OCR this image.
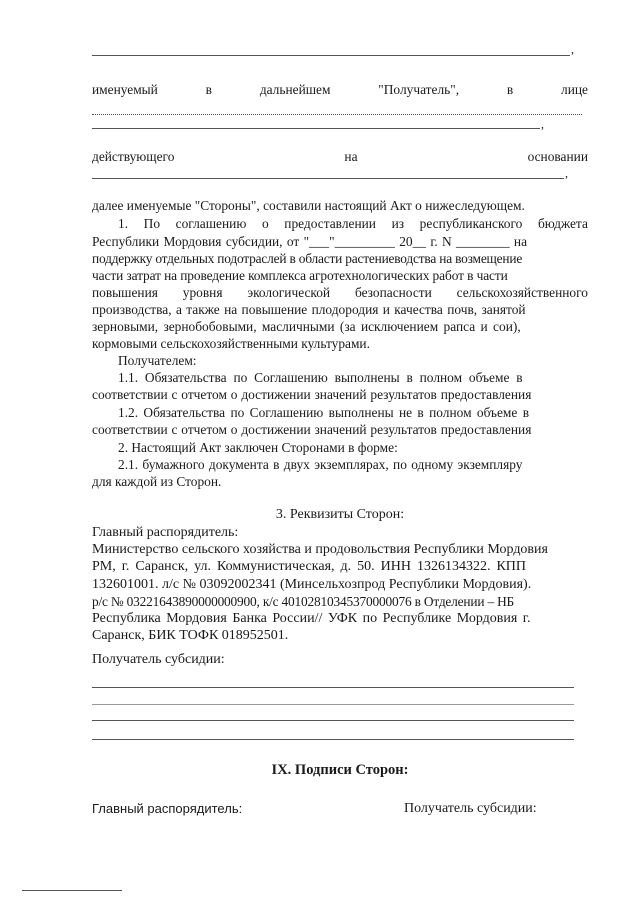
,
именуемый	в	дальнейшем	"Получатель",	в	лице
,
действующего	на	основании
,
далее именуемые "Стороны", составили настоящий Акт о нижеследующем.
1. По соглашению о предоставлении из республиканского бюджета
Республики Мордовия субсидии, от "___"_________ 20__ г. N ________ на
поддержку отдельных подотраслей в области растениеводства на возмещение
части затрат на проведение комплекса агротехнологических работ в части
повышения уровня экологической безопасности сельскохозяйственного
производства, а также на повышение плодородия и качества почв, занятой
зерновыми, зернобобовыми, масличными (за исключением рапса и сои),
кормовыми сельскохозяйственными культурами.
Получателем:
1.1. Обязательства по Соглашению выполнены в полном объеме в
соответствии с отчетом о достижении значений результатов предоставления
1.2. Обязательства по Соглашению выполнены не в полном объеме в
соответствии с отчетом о достижении значений результатов предоставления
2. Настоящий Акт заключен Сторонами в форме:
2.1. бумажного документа в двух экземплярах, по одному экземпляру
для каждой из Сторон.
3. Реквизиты Сторон:
Главный распорядитель:
Министерство сельского хозяйства и продовольствия Республики Мордовия
РМ, г. Саранск, ул. Коммунистическая, д. 50. ИНН 1326134322. КПП
132601001. л/с № 03092002341 (Минсельхозпрод Республики Мордовия).
р/с № 03221643890000000900, к/с 40102810345370000076 в Отделении – НБ
Республика Мордовия Банка России// УФК по Республике Мордовия г.
Саранск, БИК ТОФК 018952501.
Получатель субсидии:
IX. Подписи Сторон:
Главный распорядитель:	Получатель субсидии:
